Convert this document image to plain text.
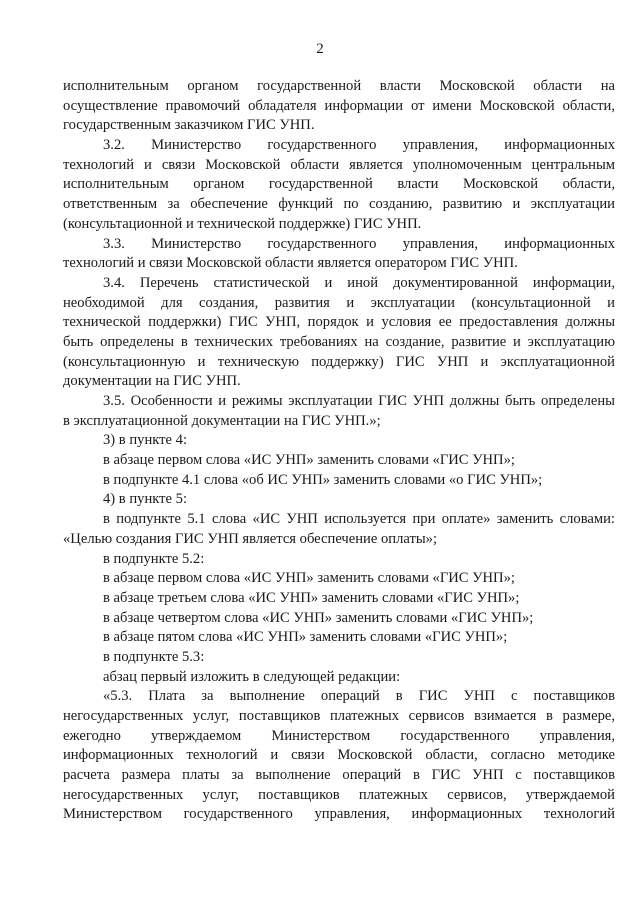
2
исполнительным органом государственной власти Московской области на
осуществление правомочий обладателя информации от имени Московской области,
государственным заказчиком ГИС УНП.
3.2. Министерство государственного управления, информационных
технологий и связи Московской области является уполномоченным центральным
исполнительным органом государственной власти Московской области,
ответственным за обеспечение функций по созданию, развитию и эксплуатации
(консультационной и технической поддержке) ГИС УНП.
3.3. Министерство государственного управления, информационных
технологий и связи Московской области является оператором ГИС УНП.
3.4. Перечень статистической и иной документированной информации,
необходимой для создания, развития и эксплуатации (консультационной и
технической поддержки) ГИС УНП, порядок и условия ее предоставления должны
быть определены в технических требованиях на создание, развитие и эксплуатацию
(консультационную и техническую поддержку) ГИС УНП и эксплуатационной
документации на ГИС УНП.
3.5. Особенности и режимы эксплуатации ГИС УНП должны быть определены
в эксплуатационной документации на ГИС УНП.»;
3) в пункте 4:
в абзаце первом слова «ИС УНП» заменить словами «ГИС УНП»;
в подпункте 4.1 слова «об ИС УНП» заменить словами «о ГИС УНП»;
4) в пункте 5:
в подпункте 5.1 слова «ИС УНП используется при оплате» заменить словами:
«Целью создания ГИС УНП является обеспечение оплаты»;
в подпункте 5.2:
в абзаце первом слова «ИС УНП» заменить словами «ГИС УНП»;
в абзаце третьем слова «ИС УНП» заменить словами «ГИС УНП»;
в абзаце четвертом слова «ИС УНП» заменить словами «ГИС УНП»;
в абзаце пятом слова «ИС УНП» заменить словами «ГИС УНП»;
в подпункте 5.3:
абзац первый изложить в следующей редакции:
«5.3. Плата за выполнение операций в ГИС УНП с поставщиков
негосударственных услуг, поставщиков платежных сервисов взимается в размере,
ежегодно утверждаемом Министерством государственного управления,
информационных технологий и связи Московской области, согласно методике
расчета размера платы за выполнение операций в ГИС УНП с поставщиков
негосударственных услуг, поставщиков платежных сервисов, утверждаемой
Министерством государственного управления, информационных технологий
